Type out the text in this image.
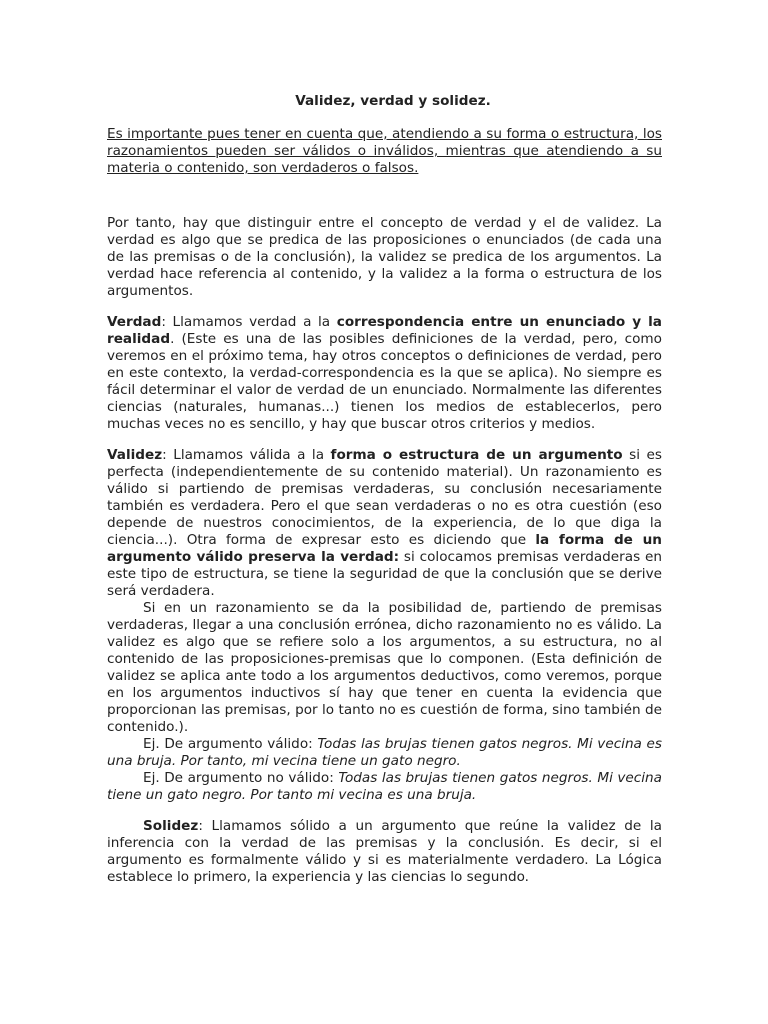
Validez, verdad y solidez.

Es importante pues tener en cuenta que, atendiendo a su forma o estructura, los razonamientos pueden ser válidos o inválidos, mientras que atendiendo a su materia o contenido, son verdaderos o falsos.

Por tanto, hay que distinguir entre el concepto de verdad y el de validez. La verdad es algo que se predica de las proposiciones o enunciados (de cada una de las premisas o de la conclusión), la validez se predica de los argumentos. La verdad hace referencia al contenido, y la validez a la forma o estructura de los argumentos.

Verdad: Llamamos verdad a la correspondencia entre un enunciado y la realidad. (Este es una de las posibles definiciones de la verdad, pero, como veremos en el próximo tema, hay otros conceptos o definiciones de verdad, pero en este contexto, la verdad-correspondencia es la que se aplica). No siempre es fácil determinar el valor de verdad de un enunciado. Normalmente las diferentes ciencias (naturales, humanas...) tienen los medios de establecerlos, pero muchas veces no es sencillo, y hay que buscar otros criterios y medios.

Validez: Llamamos válida a la forma o estructura de un argumento si es perfecta (independientemente de su contenido material). Un razonamiento es válido si partiendo de premisas verdaderas, su conclusión necesariamente también es verdadera. Pero el que sean verdaderas o no es otra cuestión (eso depende de nuestros conocimientos, de la experiencia, de lo que diga la ciencia...). Otra forma de expresar esto es diciendo que la forma de un argumento válido preserva la verdad: si colocamos premisas verdaderas en este tipo de estructura, se tiene la seguridad de que la conclusión que se derive será verdadera.

Si en un razonamiento se da la posibilidad de, partiendo de premisas verdaderas, llegar a una conclusión errónea, dicho razonamiento no es válido. La validez es algo que se refiere solo a los argumentos, a su estructura, no al contenido de las proposiciones-premisas que lo componen. (Esta definición de validez se aplica ante todo a los argumentos deductivos, como veremos, porque en los argumentos inductivos sí hay que tener en cuenta la evidencia que proporcionan las premisas, por lo tanto no es cuestión de forma, sino también de contenido.).

Ej. De argumento válido: Todas las brujas tienen gatos negros. Mi vecina es una bruja. Por tanto, mi vecina tiene un gato negro.

Ej. De argumento no válido: Todas las brujas tienen gatos negros. Mi vecina tiene un gato negro. Por tanto mi vecina es una bruja.

Solidez: Llamamos sólido a un argumento que reúne la validez de la inferencia con la verdad de las premisas y la conclusión. Es decir, si el argumento es formalmente válido y si es materialmente verdadero. La Lógica establece lo primero, la experiencia y las ciencias lo segundo.
